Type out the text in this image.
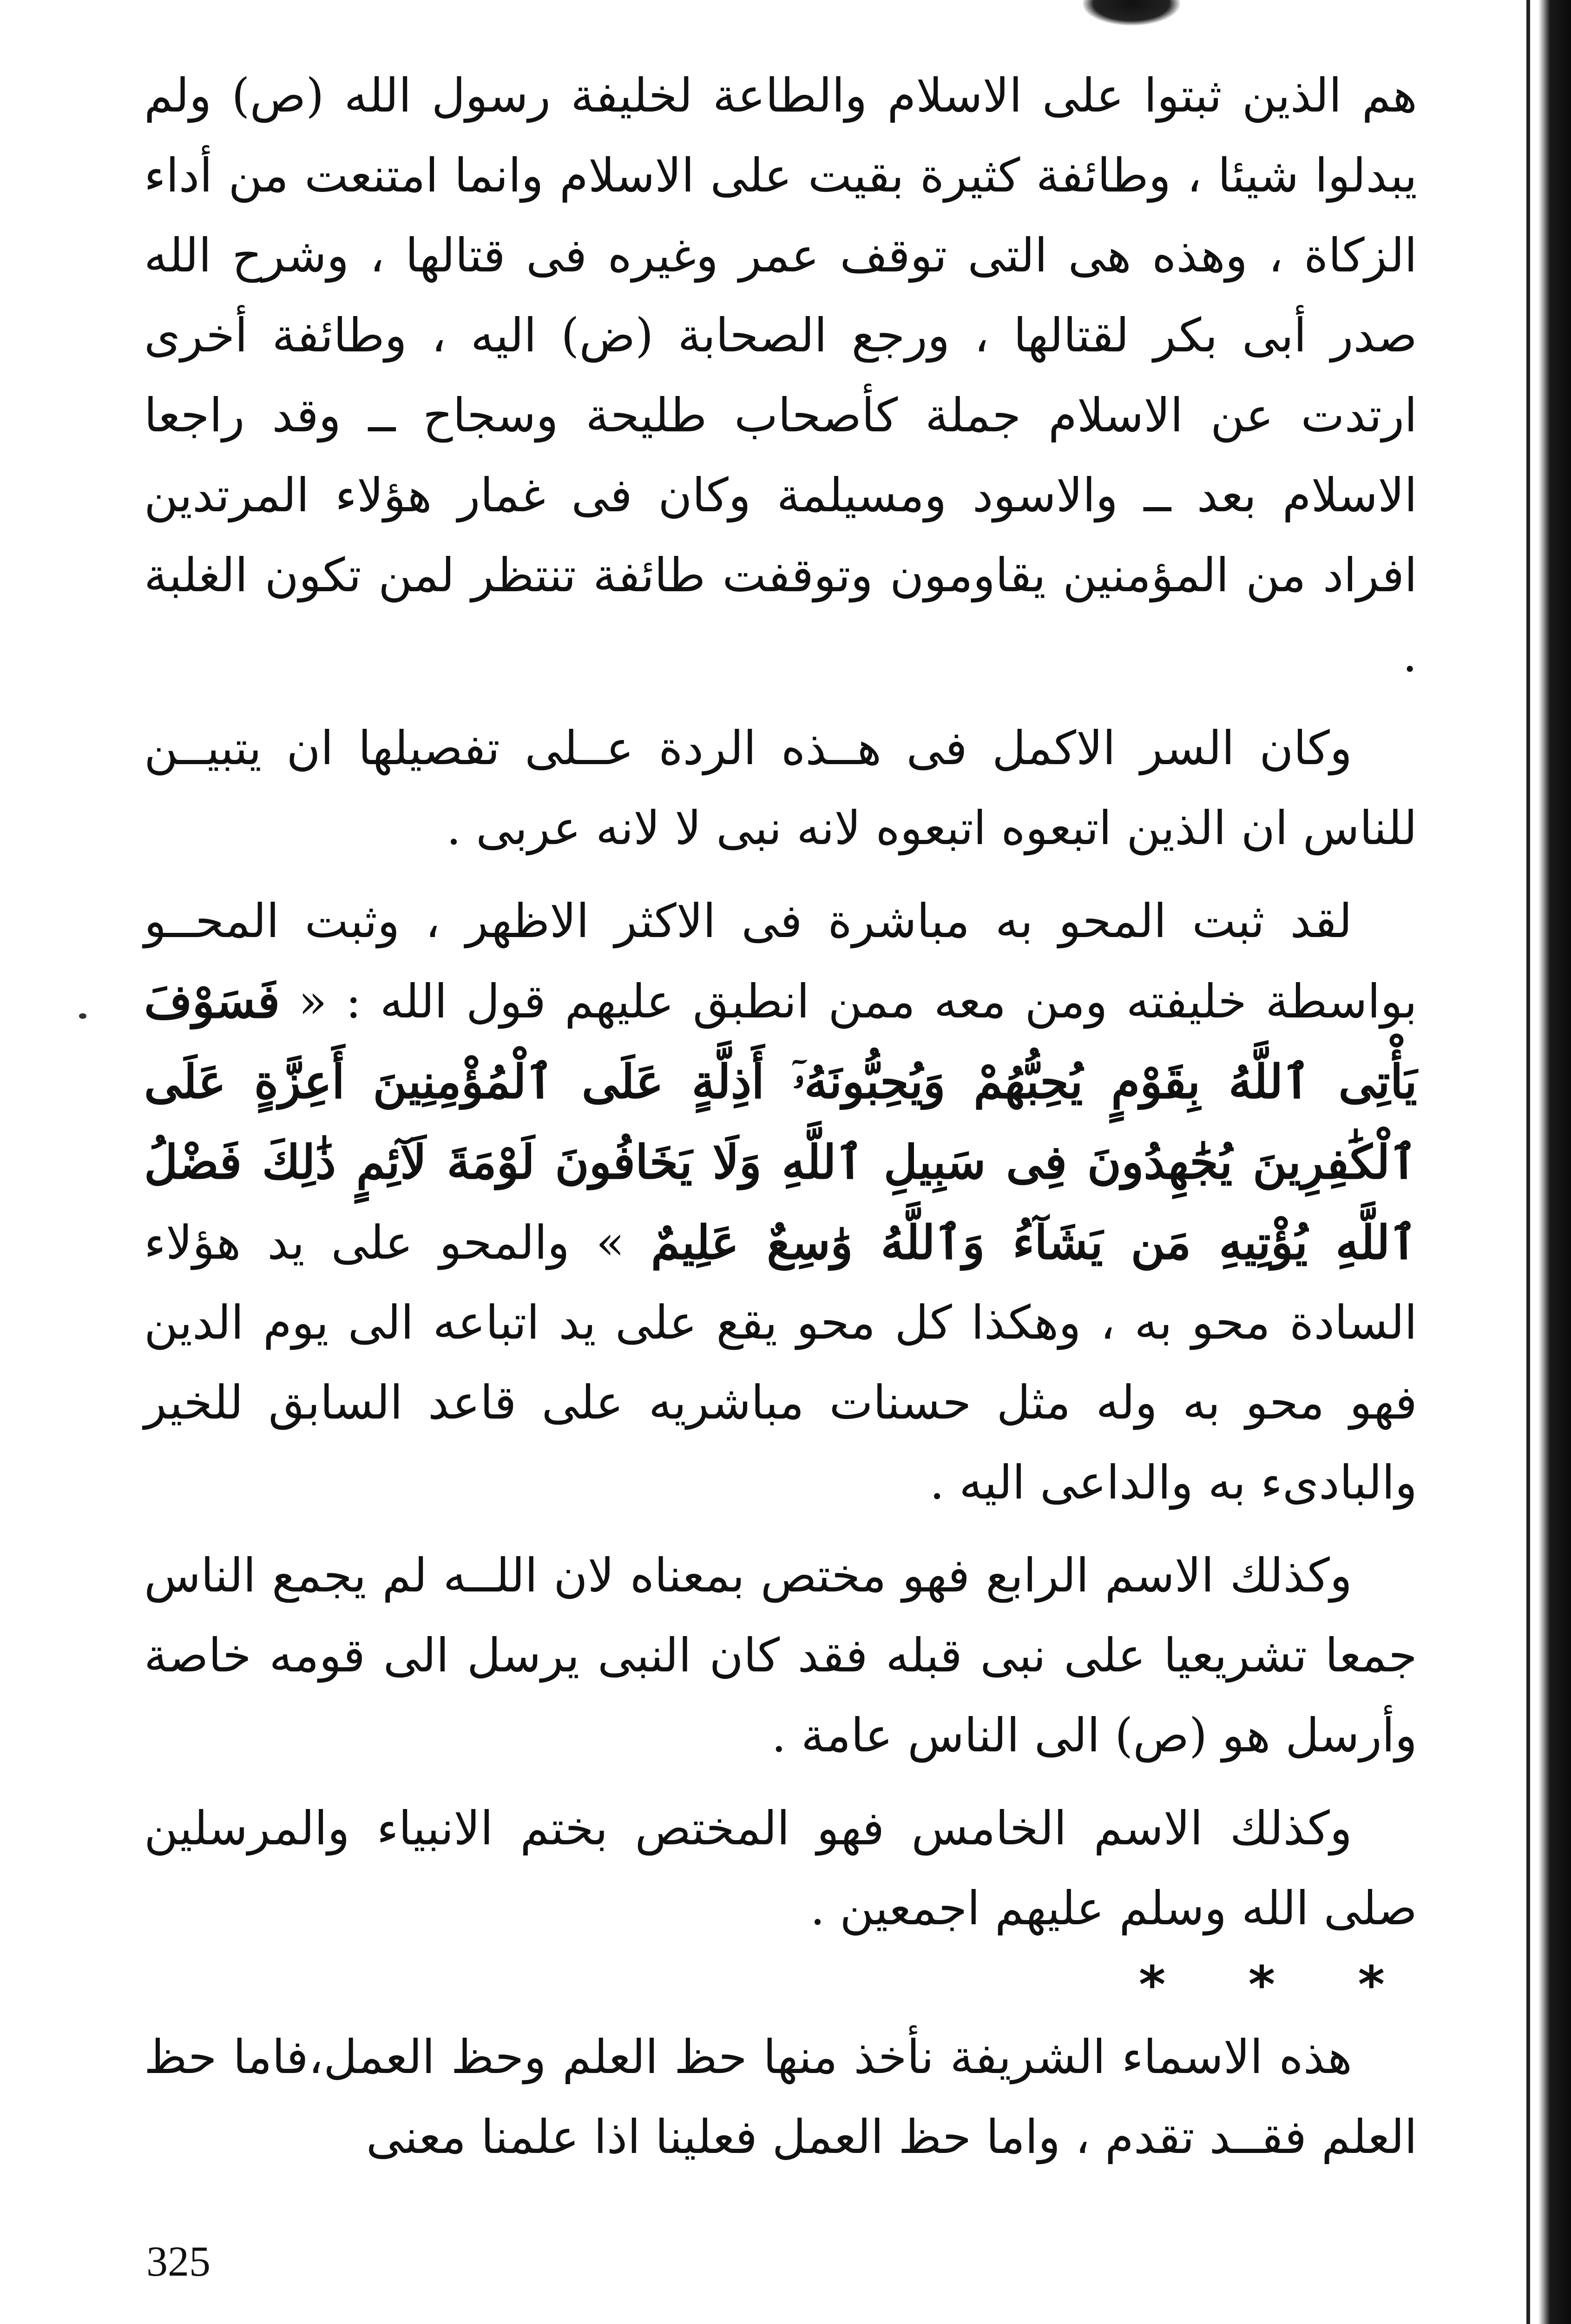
هم الذين ثبتوا على الاسلام والطاعة لخليفة رسول الله (ص) ولم يبدلوا شيئا ، وطائفة كثيرة بقيت على الاسلام وانما امتنعت من أداء الزكاة ، وهذه هى التى توقف عمر وغيره فى قتالها ، وشرح الله صدر أبى بكر لقتالها ، ورجع الصحابة (ض) اليه ، وطائفة أخرى ارتدت عن الاسلام جملة كأصحاب طليحة وسجاح ــ وقد راجعا الاسلام بعد ــ والاسود ومسيلمة وكان فى غمار هؤلاء المرتدين افراد من المؤمنين يقاومون وتوقفت طائفة تنتظر لمن تكون الغلبة .

وكان السر الاكمل فى هــذه الردة عــلى تفصيلها ان يتبيــن للناس ان الذين اتبعوه اتبعوه لانه نبى لا لانه عربى .

لقد ثبت المحو به مباشرة فى الاكثر الاظهر ، وثبت المحــو بواسطة خليفته ومن معه ممن انطبق عليهم قول الله : « فَسَوْفَ يَأْتِى ٱللَّهُ بِقَوْمٍ يُحِبُّهُمْ وَيُحِبُّونَهُۥٓ أَذِلَّةٍ عَلَى ٱلْمُؤْمِنِينَ أَعِزَّةٍ عَلَى ٱلْكَٰفِرِينَ يُجَٰهِدُونَ فِى سَبِيلِ ٱللَّهِ وَلَا يَخَافُونَ لَوْمَةَ لَآئِمٍ ذَٰلِكَ فَضْلُ ٱللَّهِ يُؤْتِيهِ مَن يَشَآءُ وَٱللَّهُ وَٰسِعٌ عَلِيمٌ » والمحو على يد هؤلاء السادة محو به ، وهكذا كل محو يقع على يد اتباعه الى يوم الدين فهو محو به وله مثل حسنات مباشريه على قاعد السابق للخير والبادىء به والداعى اليه .

وكذلك الاسم الرابع فهو مختص بمعناه لان اللــه لم يجمع الناس جمعا تشريعيا على نبى قبله فقد كان النبى يرسل الى قومه خاصة وأرسل هو (ص) الى الناس عامة .

وكذلك الاسم الخامس فهو المختص بختم الانبياء والمرسلين صلى الله وسلم عليهم اجمعين .

* * *

هذه الاسماء الشريفة نأخذ منها حظ العلم وحظ العمل،فاما حظ العلم فقــد تقدم ، واما حظ العمل فعلينا اذا علمنا معنى

325
